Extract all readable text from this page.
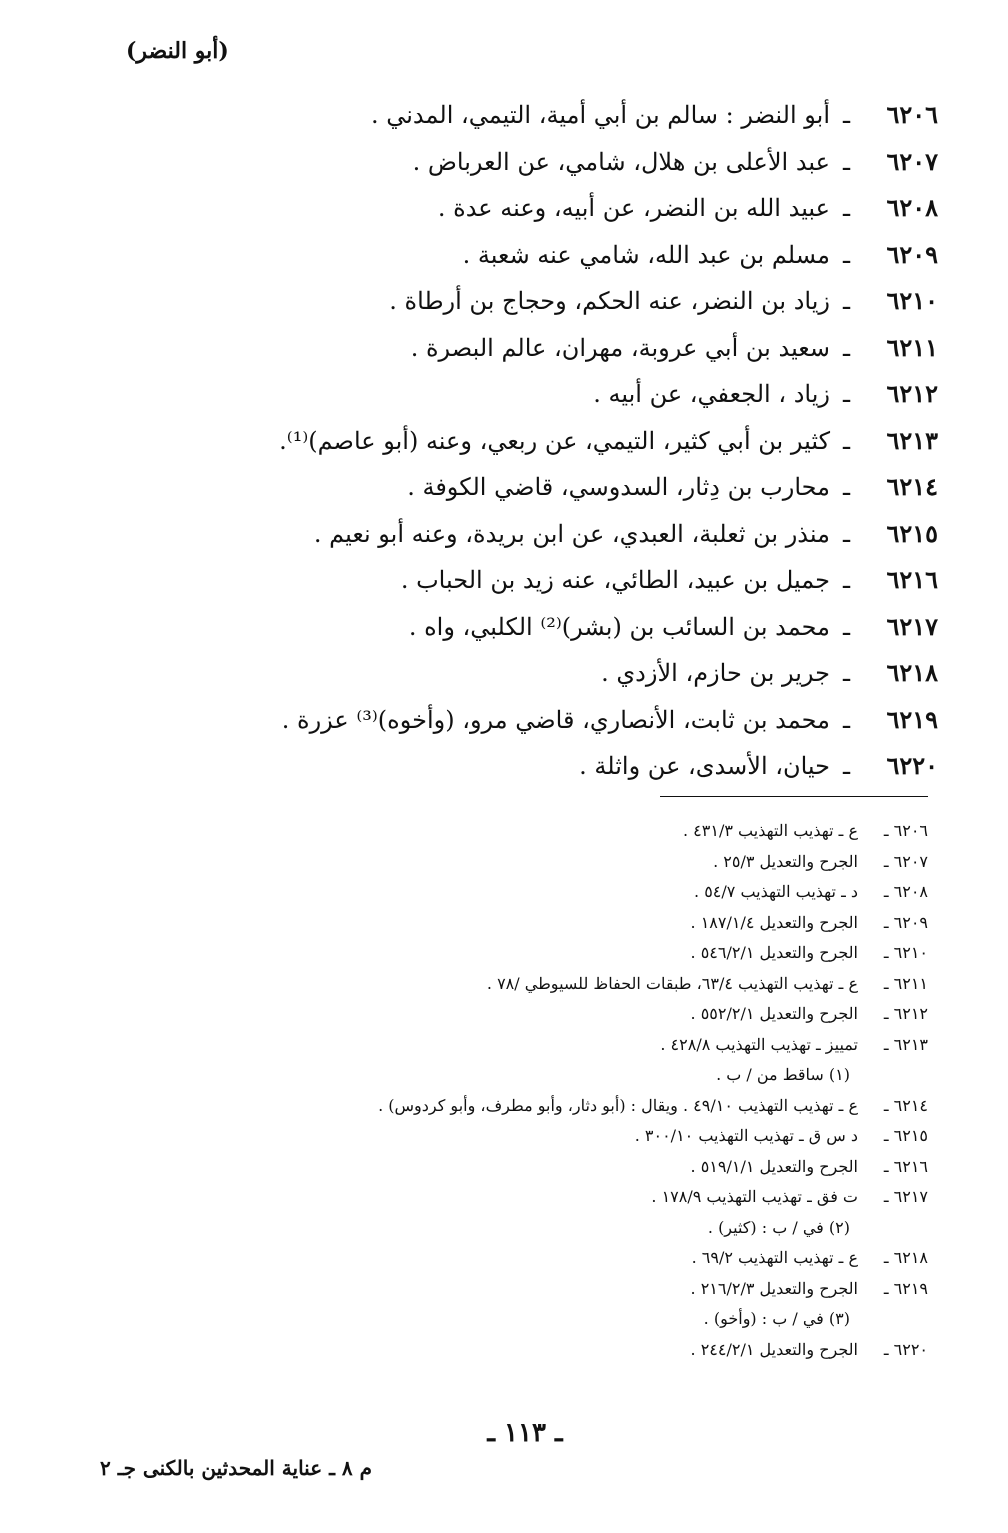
(أبو النضر)
٦٢٠٦
ـ
أبو النضر : سالم بن أبي أمية، التيمي، المدني .
٦٢٠٧
ـ
عبد الأعلى بن هلال، شامي، عن العرباض .
٦٢٠٨
ـ
عبيد الله بن النضر، عن أبيه، وعنه عدة .
٦٢٠٩
ـ
مسلم بن عبد الله، شامي عنه شعبة .
٦٢١٠
ـ
زياد بن النضر، عنه الحكم، وحجاج بن أرطاة .
٦٢١١
ـ
سعيد بن أبي عروبة، مهران، عالم البصرة .
٦٢١٢
ـ
زياد ، الجعفي، عن أبيه .
٦٢١٣
ـ
كثير بن أبي كثير، التيمي، عن ربعي، وعنه (أبو عاصم)⁽¹⁾.
٦٢١٤
ـ
محارب بن دِثار، السدوسي، قاضي الكوفة .
٦٢١٥
ـ
منذر بن ثعلبة، العبدي، عن ابن بريدة، وعنه أبو نعيم .
٦٢١٦
ـ
جميل بن عبيد، الطائي، عنه زيد بن الحباب .
٦٢١٧
ـ
محمد بن السائب بن (بشر)⁽²⁾ الكلبي، واه .
٦٢١٨
ـ
جرير بن حازم، الأزدي .
٦٢١٩
ـ
محمد بن ثابت، الأنصاري، قاضي مرو، (وأخوه)⁽³⁾ عزرة .
٦٢٢٠
ـ
حيان، الأسدى، عن واثلة .
٦٢٠٦ ـ
ع ـ تهذيب التهذيب ٤٣١/٣ .
٦٢٠٧ ـ
الجرح والتعديل ٢٥/٣ .
٦٢٠٨ ـ
د ـ تهذيب التهذيب ٥٤/٧ .
٦٢٠٩ ـ
الجرح والتعديل ١٨٧/١/٤ .
٦٢١٠ ـ
الجرح والتعديل ٥٤٦/٢/١ .
٦٢١١ ـ
ع ـ تهذيب التهذيب ٦٣/٤، طبقات الحفاظ للسيوطي /٧٨ .
٦٢١٢ ـ
الجرح والتعديل ٥٥٢/٢/١ .
٦٢١٣ ـ
تمييز ـ تهذيب التهذيب ٤٢٨/٨ .
(١) ساقط من / ب .
٦٢١٤ ـ
ع ـ تهذيب التهذيب ٤٩/١٠ . ويقال : (أبو دثار، وأبو مطرف، وأبو كردوس) .
٦٢١٥ ـ
د س ق ـ تهذيب التهذيب ٣٠٠/١٠ .
٦٢١٦ ـ
الجرح والتعديل ٥١٩/١/١ .
٦٢١٧ ـ
ت فق ـ تهذيب التهذيب ١٧٨/٩ .
(٢) في / ب : (كثير) .
٦٢١٨ ـ
ع ـ تهذيب التهذيب ٦٩/٢ .
٦٢١٩ ـ
الجرح والتعديل ٢١٦/٢/٣ .
(٣) في / ب : (وأخو) .
٦٢٢٠ ـ
الجرح والتعديل ٢٤٤/٢/١ .
ـ ١١٣ ـ
م ٨ ـ عناية المحدثين بالكنى جـ ٢
